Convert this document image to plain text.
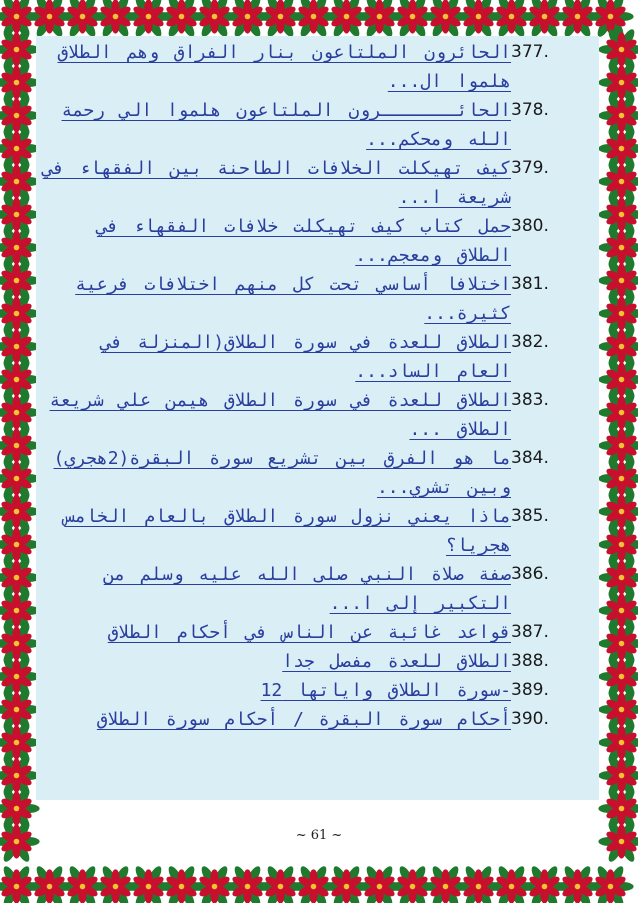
377.
الحائرون الملتاعون بنار الفراق وهم الطلاق هلموا ال...
378.
الحائـــــــرون الملتاعون هلموا الي رحمة الله ومحكم...
379.
كيف تهيكلت الخلافات الطاحنة بين الفقهاء في شريعة ا...
380.
حمل كتاب كيف تهيكلت خلافات الفقهاء في الطلاق ومعجم...
381.
اختلافا أساسي تحت كل منهم اختلافات فرعية كثيرة...
382.
الطلاق للعدة في سورة الطلاق(المنزلة في العام الساد...
383.
الطلاق للعدة في سورة الطلاق هيمن علي شريعة الطلاق ...
384.
ما هو الفرق بين تشريع سورة البقرة(2هجري) وبين تشري...
385.
ماذا يعني نزول سورة الطلاق بالعام الخامس هجريا؟
386.
صفة صلاة النبي صلى الله عليه وسلم من التكبير إلى ا...
387.
قواعد غائبة عن الناس في أحكام الطلاق
388.
الطلاق للعدة مفصل جدا
389.
-سورة الطلاق واياتها 12
390.
أحكام سورة البقرة / أحكام سورة الطلاق
~ 61 ~
